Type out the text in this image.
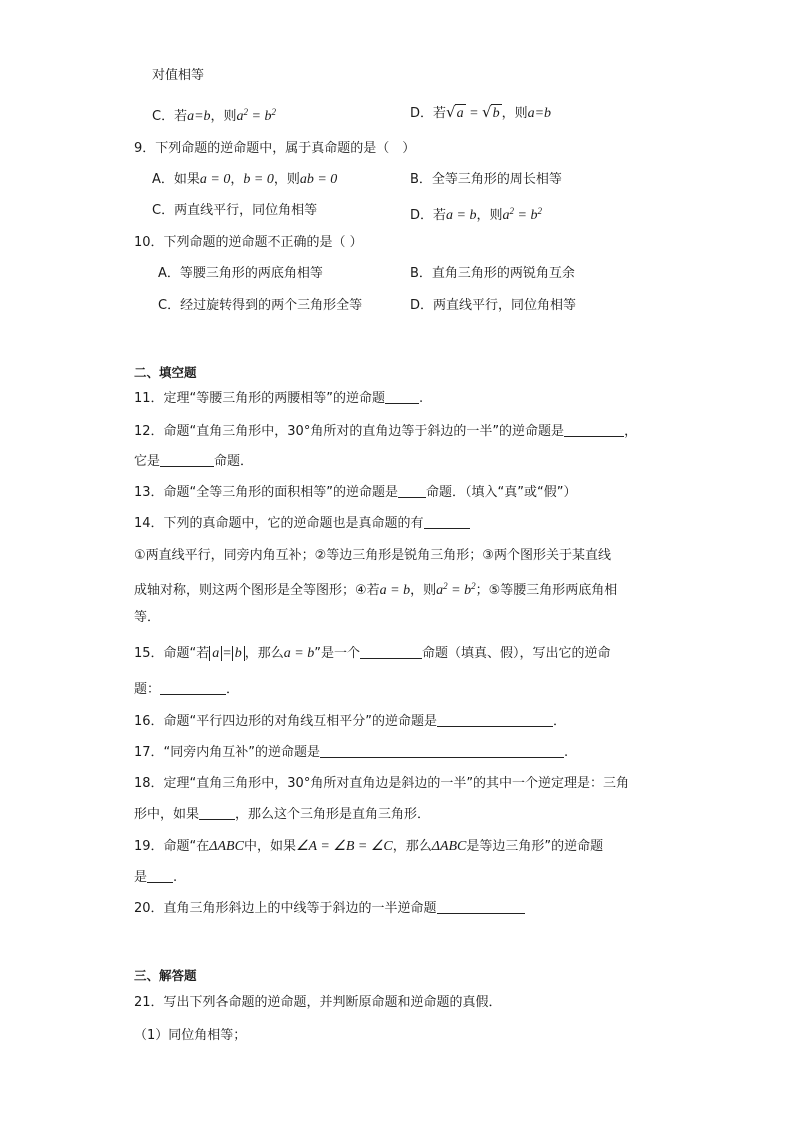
对值相等
C．若a=b，则$a^2 = b^2$	D．若√a = √b ，则a=b
9．下列命题的逆命题中，属于真命题的是（　）
A．如果a = 0，b = 0，则ab = 0	B．全等三角形的周长相等
C．两直线平行，同位角相等	D．若a = b，则$a^2 = b^2$
10．下列命题的逆命题不正确的是（ ）
A．等腰三角形的两底角相等	B．直角三角形的两锐角互余
C．经过旋转得到的两个三角形全等	D．两直线平行，同位角相等
二、填空题
11．定理“等腰三角形的两腰相等”的逆命题	.
12．命题“直角三角形中，30°角所对的直角边等于斜边的一半”的逆命题是	，
它是	命题．
13．命题“全等三角形的面积相等”的逆命题是 命题．（填入“真”或“假”）
14．下列的真命题中，它的逆命题也是真命题的有
①两直线平行，同旁内角互补；②等边三角形是锐角三角形；③两个图形关于某直线
成轴对称，则这两个图形是全等图形；④若a = b，则$a^2 = b^2$；⑤等腰三角形两底角相
等．
15．命题“若 a = b ，那么a = b”是一个	命题（填真、假），写出它的逆命
题：	．
16．命题“平行四边形的对角线互相平分”的逆命题是	．
17．“同旁内角互补”的逆命题是	.
18．定理“直角三角形中，30°角所对直角边是斜边的一半”的其中一个逆定理是：三角
形中，如果	，那么这个三角形是直角三角形．
19．命题“在ΔABC中，如果∠A = ∠B = ∠C，那么ΔABC是等边三角形”的逆命题
是 .
20．直角三角形斜边上的中线等于斜边的一半逆命题
三、解答题
21．写出下列各命题的逆命题，并判断原命题和逆命题的真假．
（1）同位角相等；
